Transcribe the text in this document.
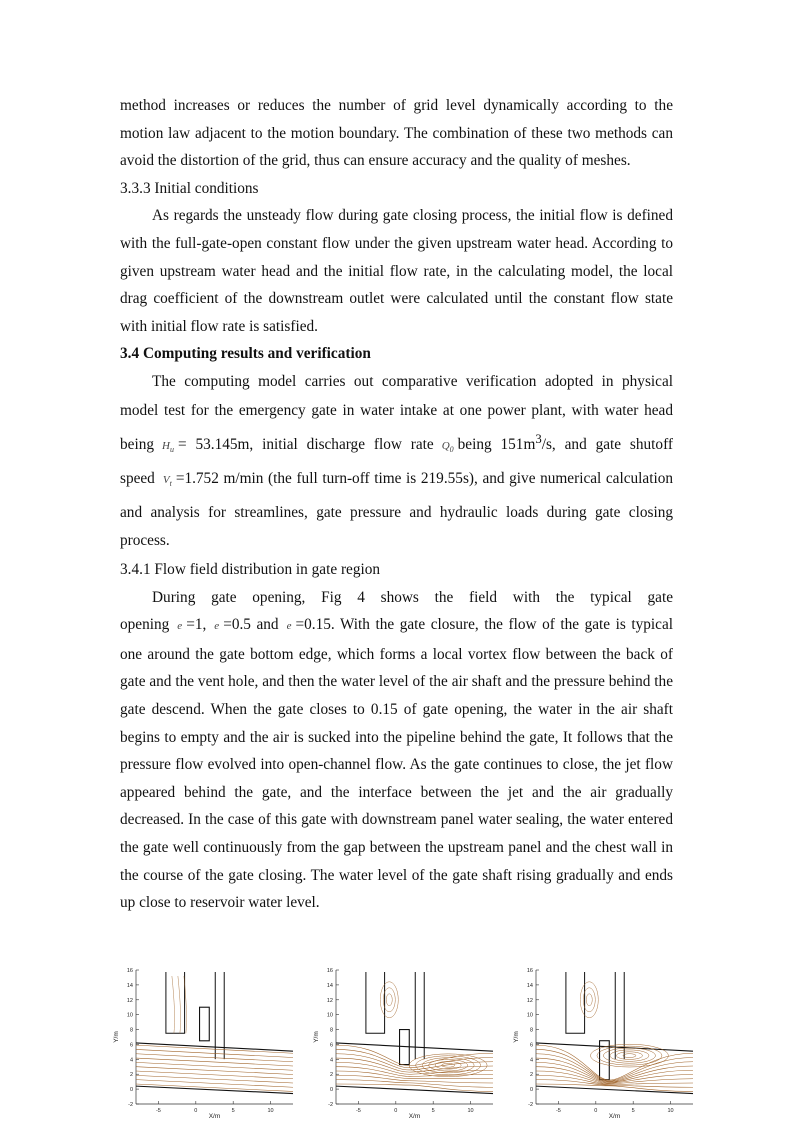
method increases or reduces the number of grid level dynamically according to the motion law adjacent to the motion boundary. The combination of these two methods can avoid the distortion of the grid, thus can ensure accuracy and the quality of meshes.

3.3.3 Initial conditions

As regards the unsteady flow during gate closing process, the initial flow is defined with the full-gate-open constant flow under the given upstream water head. According to given upstream water head and the initial flow rate, in the calculating model, the local drag coefficient of the downstream outlet were calculated until the constant flow state with initial flow rate is satisfied.

3.4 Computing results and verification

The computing model carries out comparative verification adopted in physical model test for the emergency gate in water intake at one power plant, with water head being $H_u = 53.145m$, initial discharge flow rate $Q_0$ being $151m^3/s$, and gate shutoff speed $V_t =1.752$ m/min (the full turn-off time is 219.55s), and give numerical calculation and analysis for streamlines, gate pressure and hydraulic loads during gate closing process.

3.4.1 Flow field distribution in gate region

During gate opening, Fig 4 shows the field with the typical gate opening e =1, e =0.5 and e =0.15. With the gate closure, the flow of the gate is typical one around the gate bottom edge, which forms a local vortex flow between the back of gate and the vent hole, and then the water level of the air shaft and the pressure behind the gate descend. When the gate closes to 0.15 of gate opening, the water in the air shaft begins to empty and the air is sucked into the pipeline behind the gate, It follows that the pressure flow evolved into open-channel flow. As the gate continues to close, the jet flow appeared behind the gate, and the interface between the jet and the air gradually decreased. In the case of this gate with downstream panel water sealing, the water entered the gate well continuously from the gap between the upstream panel and the chest wall in the course of the gate closing. The water level of the gate shaft rising gradually and ends up close to reservoir water level.

16
14
12
10
8
6
4
2
0
-2
-5	0	5	10
X/m
Y/m
16
14
12
10
8
6
4
2
0
-2
-5	0	5	10
X/m
Y/m
16
14
12
10
8
6
4
2
0
-2
-5	0	5	10
X/m
Y/m
